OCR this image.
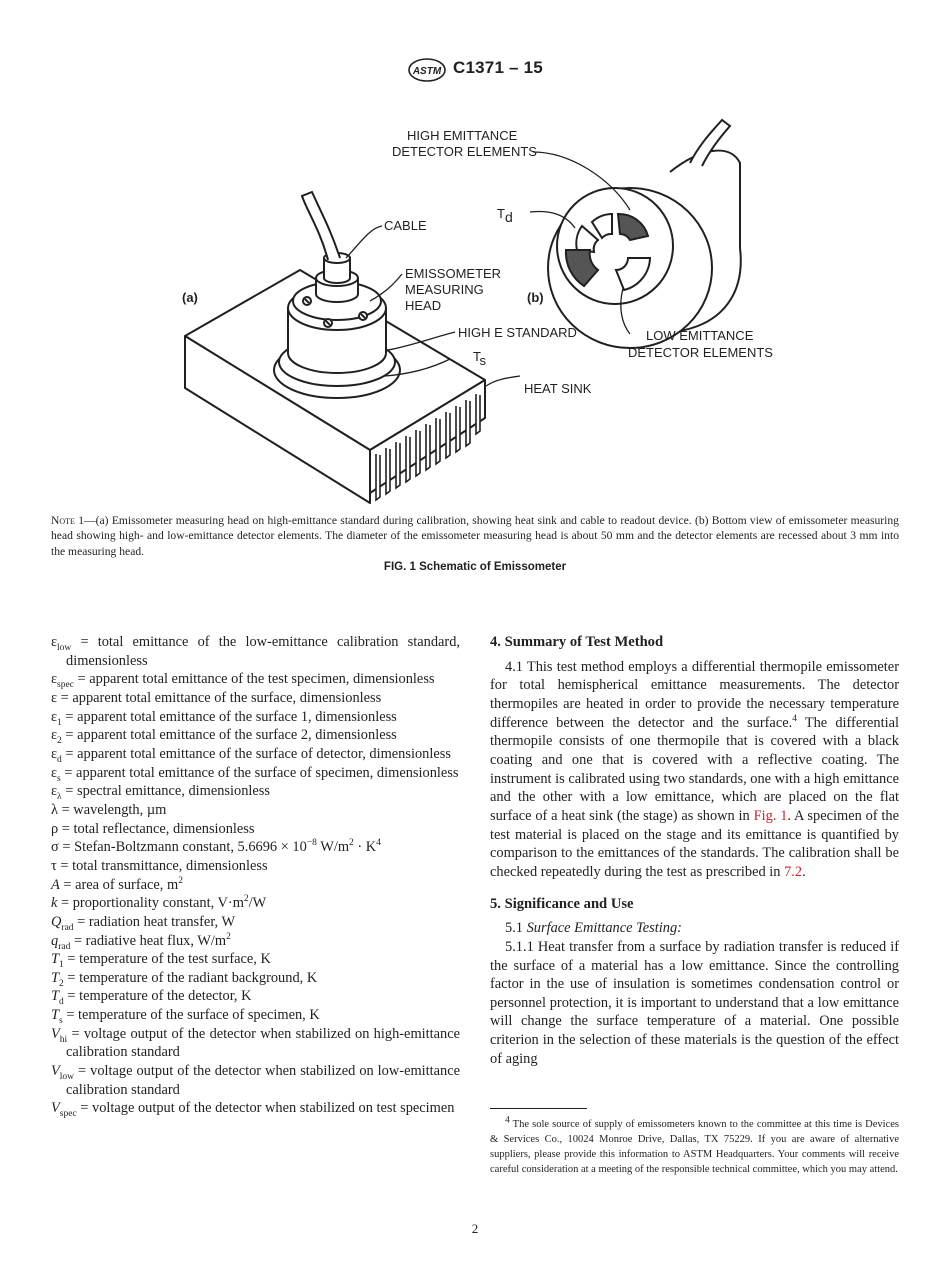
ASTM C1371 – 15
(a)
CABLE
EMISSOMETER
MEASURING
HEAD
HIGH E STANDARD
Ts
HEAT SINK
(b)
HIGH EMITTANCE
DETECTOR ELEMENTS
Td
LOW EMITTANCE
DETECTOR ELEMENTS
Note 1—(a) Emissometer measuring head on high-emittance standard during calibration, showing heat sink and cable to readout device. (b) Bottom view of emissometer measuring head showing high- and low-emittance detector elements. The diameter of the emissometer measuring head is about 50 mm and the detector elements are recessed about 3 mm into the measuring head.
FIG. 1 Schematic of Emissometer

$\varepsilon_{low}$ = total emittance of the low-emittance calibration standard, dimensionless

$\varepsilon_{spec}$ = apparent total emittance of the test specimen, dimensionless

ε = apparent total emittance of the surface, dimensionless

$\varepsilon_1$ = apparent total emittance of the surface 1, dimensionless

$\varepsilon_2$ = apparent total emittance of the surface 2, dimensionless

$\varepsilon_d$ = apparent total emittance of the surface of detector, dimensionless

$\varepsilon_s$ = apparent total emittance of the surface of specimen, dimensionless

$\varepsilon_\lambda$ = spectral emittance, dimensionless

λ = wavelength, µm

ρ = total reflectance, dimensionless

σ = Stefan-Boltzmann constant, $5.6696 \times 10^{-8}$ $W/m^2 \cdot K^4$

τ = total transmittance, dimensionless

A = area of surface, $m^2$

k = proportionality constant, $V\cdot m^2/W$

$Q_{rad}$ = radiation heat transfer, W

$q_{rad}$ = radiative heat flux, $W/m^2$

$T_1$ = temperature of the test surface, K

$T_2$ = temperature of the radiant background, K

$T_d$ = temperature of the detector, K

$T_s$ = temperature of the surface of specimen, K

$V_{hi}$ = voltage output of the detector when stabilized on high-emittance calibration standard

$V_{low}$ = voltage output of the detector when stabilized on low-emittance calibration standard

$V_{spec}$ = voltage output of the detector when stabilized on test specimen

4. Summary of Test Method

4.1 This test method employs a differential thermopile emissometer for total hemispherical emittance measurements. The detector thermopiles are heated in order to provide the necessary temperature difference between the detector and the surface.$^4$ The differential thermopile consists of one thermopile that is covered with a black coating and one that is covered with a reflective coating. The instrument is calibrated using two standards, one with a high emittance and the other with a low emittance, which are placed on the flat surface of a heat sink (the stage) as shown in Fig. 1. A specimen of the test material is placed on the stage and its emittance is quantified by comparison to the emittances of the standards. The calibration shall be checked repeatedly during the test as prescribed in 7.2.

5. Significance and Use

5.1 Surface Emittance Testing:

5.1.1 Heat transfer from a surface by radiation transfer is reduced if the surface of a material has a low emittance. Since the controlling factor in the use of insulation is sometimes condensation control or personnel protection, it is important to understand that a low emittance will change the surface temperature of a material. One possible criterion in the selection of these materials is the question of the effect of aging

$^4$ The sole source of supply of emissometers known to the committee at this time is Devices & Services Co., 10024 Monroe Drive, Dallas, TX 75229. If you are aware of alternative suppliers, please provide this information to ASTM Headquarters. Your comments will receive careful consideration at a meeting of the responsible technical committee, which you may attend.
2
